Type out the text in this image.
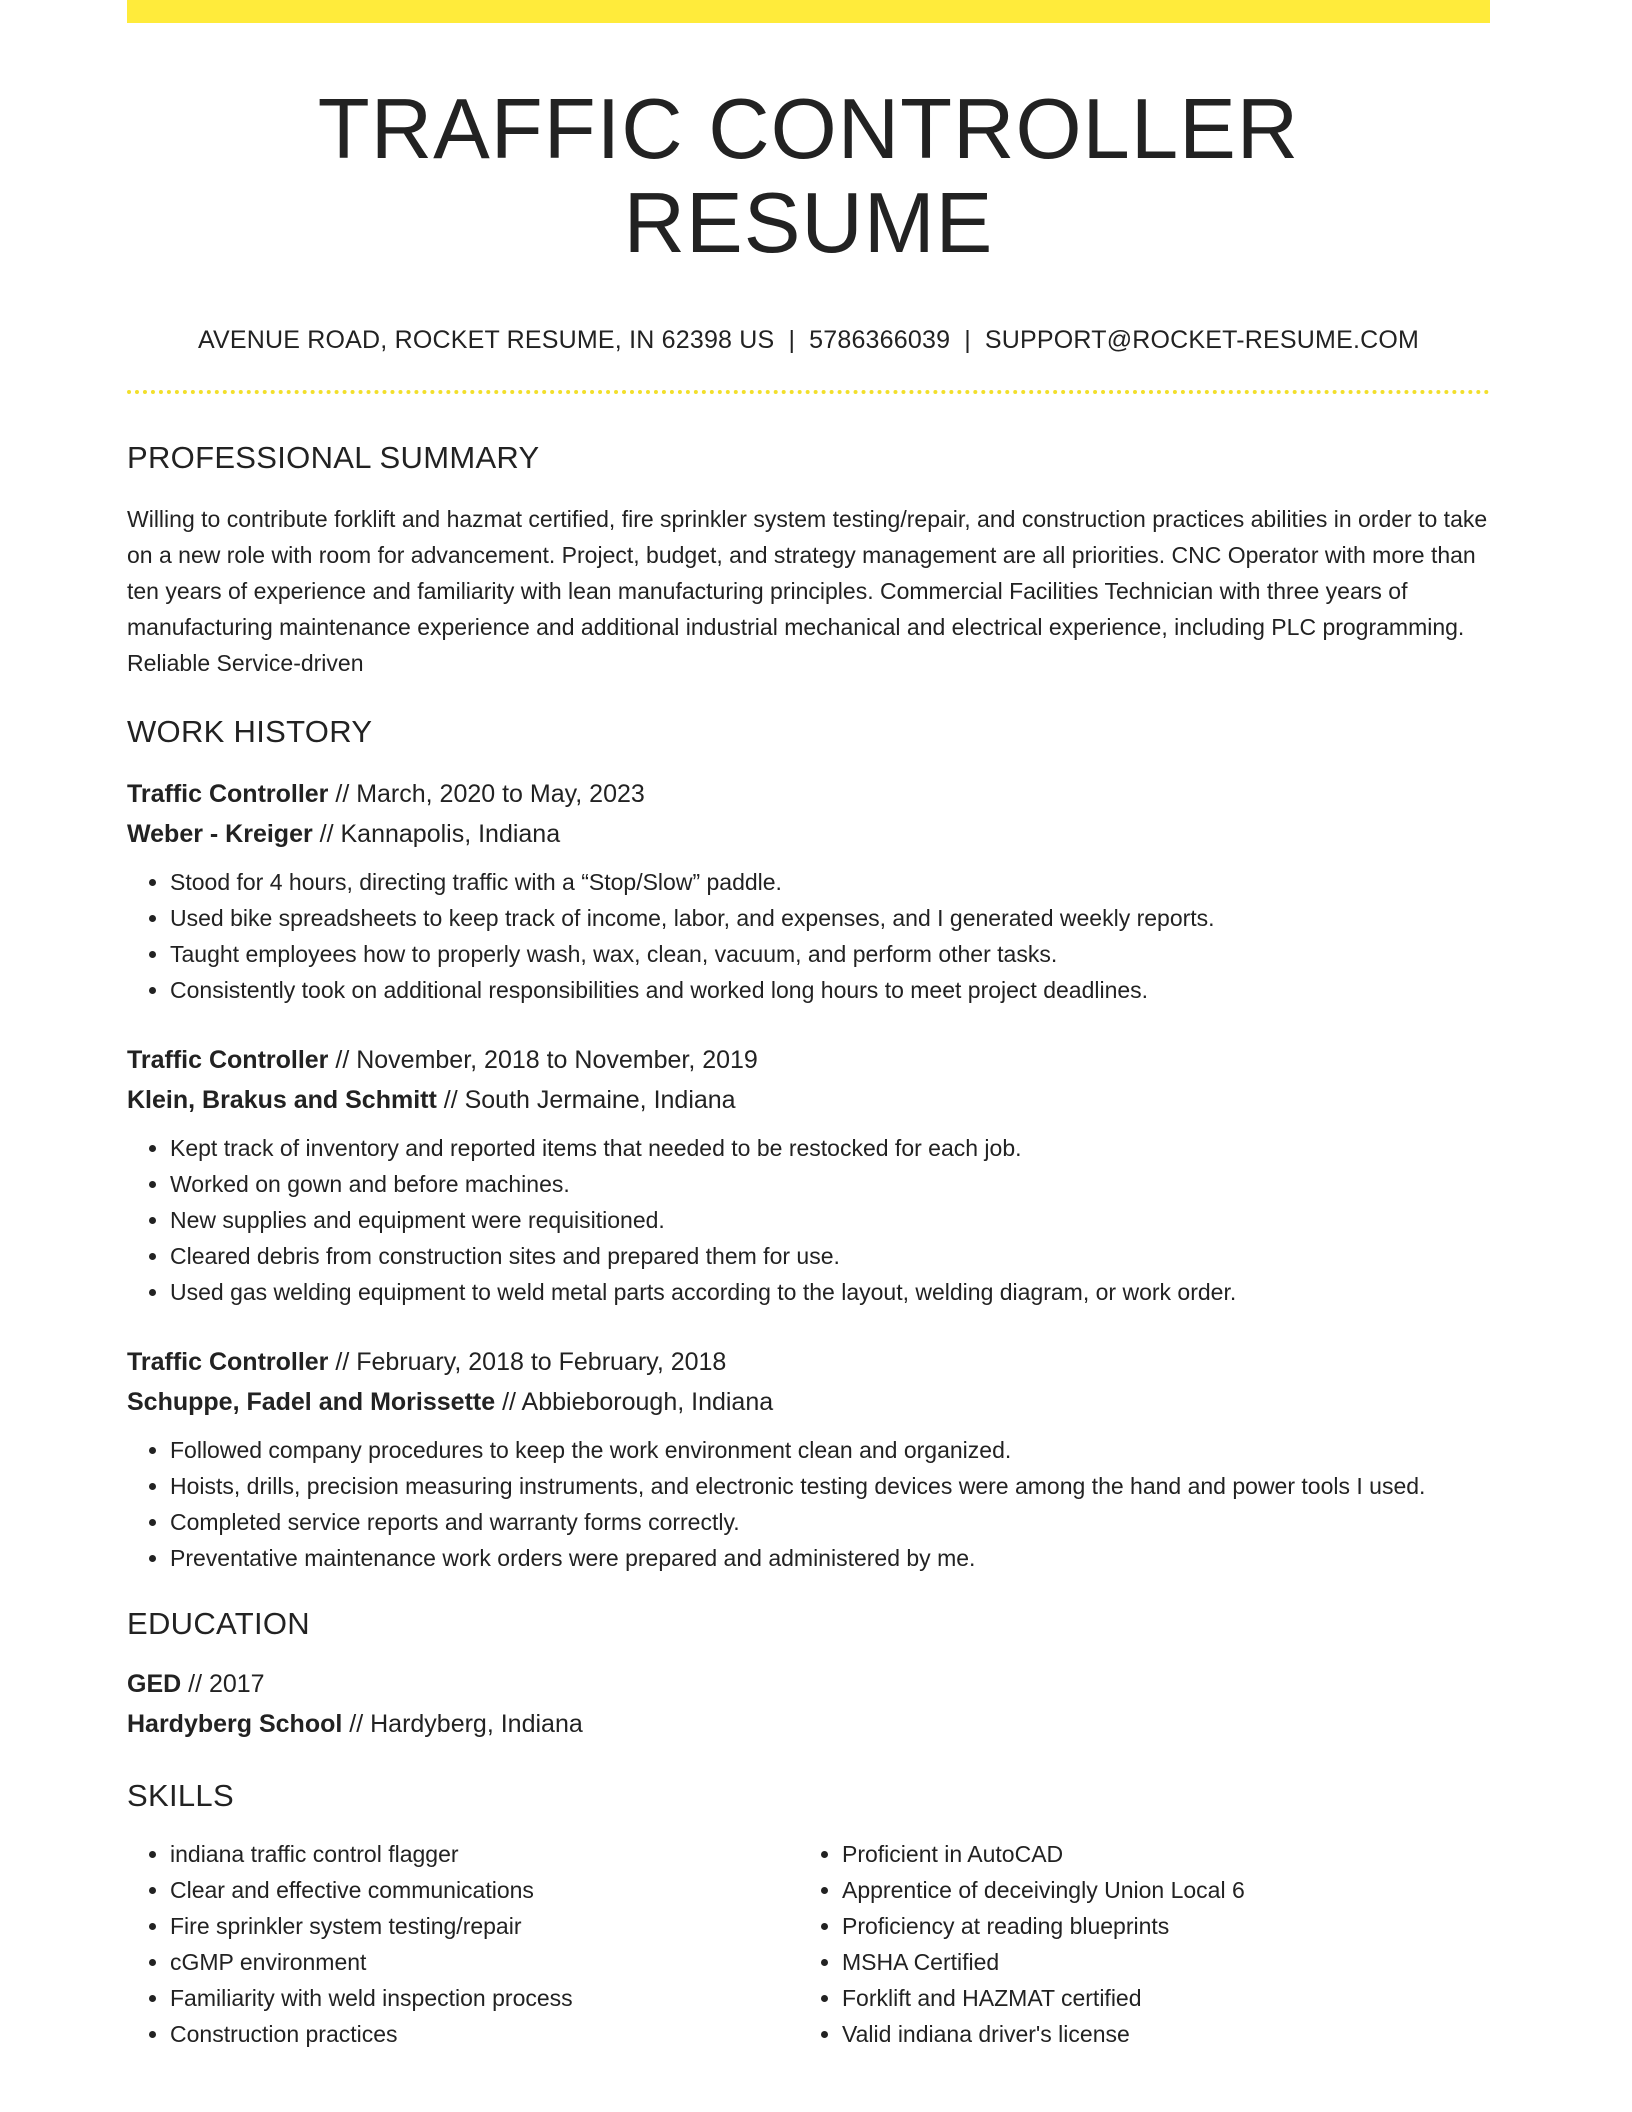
TRAFFIC CONTROLLER RESUME
AVENUE ROAD, ROCKET RESUME, IN 62398 US | 5786366039 | SUPPORT@ROCKET-RESUME.COM
PROFESSIONAL SUMMARY
Willing to contribute forklift and hazmat certified, fire sprinkler system testing/repair, and construction practices abilities in order to take on a new role with room for advancement. Project, budget, and strategy management are all priorities. CNC Operator with more than ten years of experience and familiarity with lean manufacturing principles. Commercial Facilities Technician with three years of manufacturing maintenance experience and additional industrial mechanical and electrical experience, including PLC programming. Reliable Service-driven
WORK HISTORY
Traffic Controller // March, 2020 to May, 2023
Weber - Kreiger // Kannapolis, Indiana
• Stood for 4 hours, directing traffic with a “Stop/Slow” paddle.
• Used bike spreadsheets to keep track of income, labor, and expenses, and I generated weekly reports.
• Taught employees how to properly wash, wax, clean, vacuum, and perform other tasks.
• Consistently took on additional responsibilities and worked long hours to meet project deadlines.
Traffic Controller // November, 2018 to November, 2019
Klein, Brakus and Schmitt // South Jermaine, Indiana
• Kept track of inventory and reported items that needed to be restocked for each job.
• Worked on gown and before machines.
• New supplies and equipment were requisitioned.
• Cleared debris from construction sites and prepared them for use.
• Used gas welding equipment to weld metal parts according to the layout, welding diagram, or work order.
Traffic Controller // February, 2018 to February, 2018
Schuppe, Fadel and Morissette // Abbieborough, Indiana
• Followed company procedures to keep the work environment clean and organized.
• Hoists, drills, precision measuring instruments, and electronic testing devices were among the hand and power tools I used.
• Completed service reports and warranty forms correctly.
• Preventative maintenance work orders were prepared and administered by me.
EDUCATION
GED // 2017
Hardyberg School // Hardyberg, Indiana
SKILLS
• indiana traffic control flagger
• Clear and effective communications
• Fire sprinkler system testing/repair
• cGMP environment
• Familiarity with weld inspection process
• Construction practices
• Proficient in AutoCAD
• Apprentice of deceivingly Union Local 6
• Proficiency at reading blueprints
• MSHA Certified
• Forklift and HAZMAT certified
• Valid indiana driver's license
